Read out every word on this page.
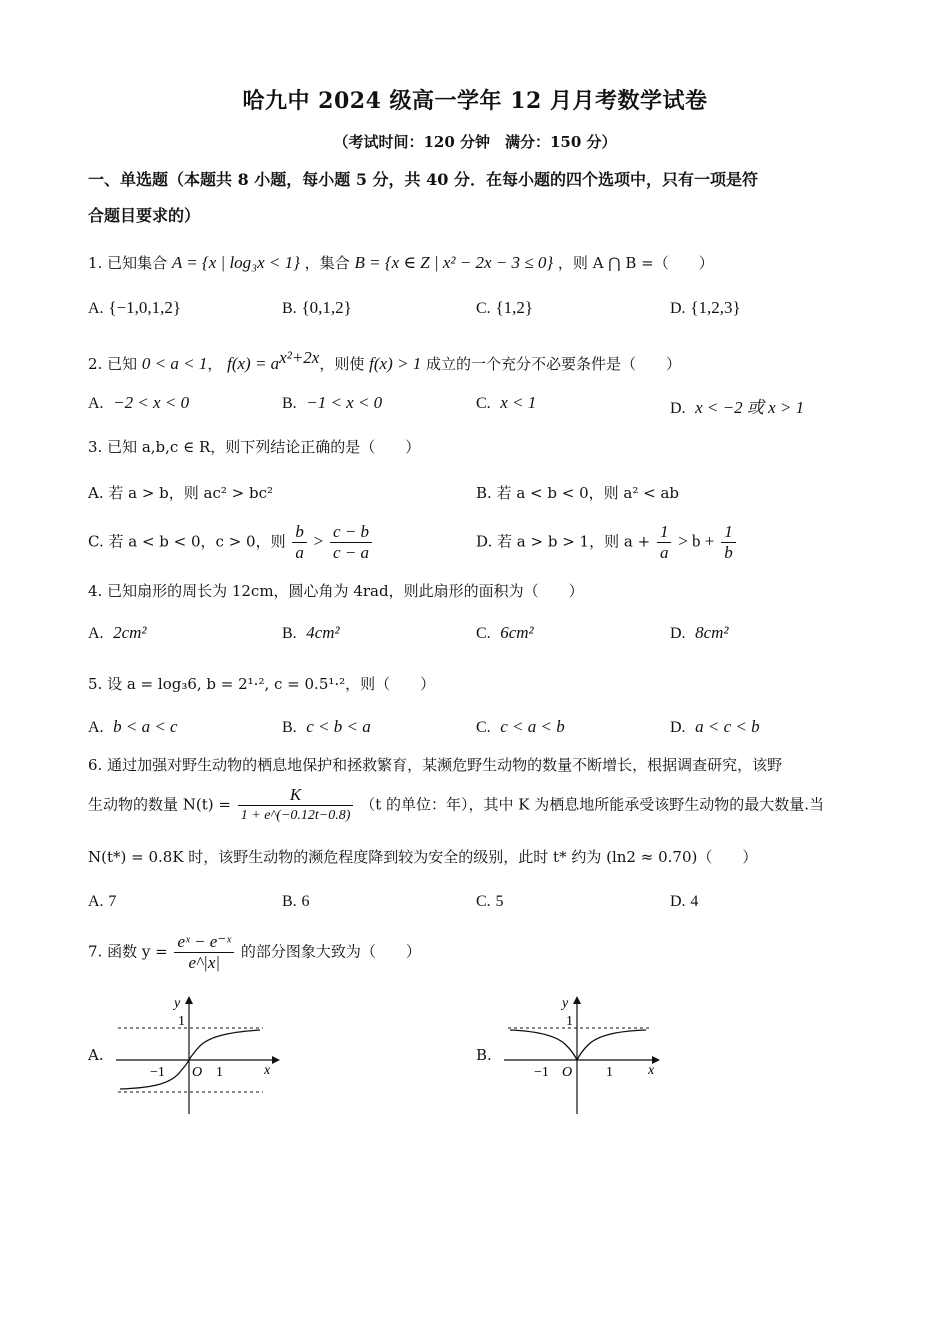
哈九中 2024 级高一学年 12 月月考数学试卷
（考试时间：120 分钟　满分：150 分）
一、单选题（本题共 8 小题，每小题 5 分，共 40 分．在每小题的四个选项中，只有一项是符
合题目要求的）
1. 已知集合 A = {x | log₃x < 1} ，集合 B = {x ∈ Z | x² − 2x − 3 ≤ 0} ，则 A ⋂ B =（　　）
A. {−1,0,1,2}	B. {0,1,2}	C. {1,2}	D. {1,2,3}
2. 已知 0 < a < 1， $f(x) = a^{x^2+2x}$，则使 f(x) > 1 成立的一个充分不必要条件是（　　）
A. −2 < x < 0	B. −1 < x < 0	C. x < 1	D. x < −2 或 x > 1
3. 已知 a,b,c ∈ R，则下列结论正确的是（　　）
A. 若 a > b，则 ac² > bc²	B. 若 a < b < 0，则 a² < ab
C. 若 a < b < 0，c > 0，则 $\frac{b}{a} > \frac{c - b}{c - a}$	D. 若 a > b > 1，则 $a + \frac{1}{a} > b + \frac{1}{b}$
4. 已知扇形的周长为 12cm，圆心角为 4rad，则此扇形的面积为（　　）
A. 2cm²	B. 4cm²	C. 6cm²	D. 8cm²
5. 设 a = log₃6, b = 2¹·², c = 0.5¹·²，则（　　）
A. b < a < c	B. c < b < a	C. c < a < b	D. a < c < b
6. 通过加强对野生动物的栖息地保护和拯救繁育，某濒危野生动物的数量不断增长，根据调查研究，该野
生动物的数量 $N(t) = \frac{K}{1 + e\^{}(-0.12t-0.8)} (t$ 的单位：年），其中 K 为栖息地所能承受该野生动物的最大数量.当
N(t*) = 0.8K 时，该野生动物的濒危程度降到较为安全的级别，此时 t* 约为 (ln2 ≈ 0.70)（　　）
A. 7	B. 6	C. 5	D. 4
7. 函数 $y = \frac{\text{eˣ − e⁻ˣ}}{e\^{}|x|}$ 的部分图象大致为（　　）
A.
y
1
−1 O 1	x
B.
y
1
−1 O 1	x
